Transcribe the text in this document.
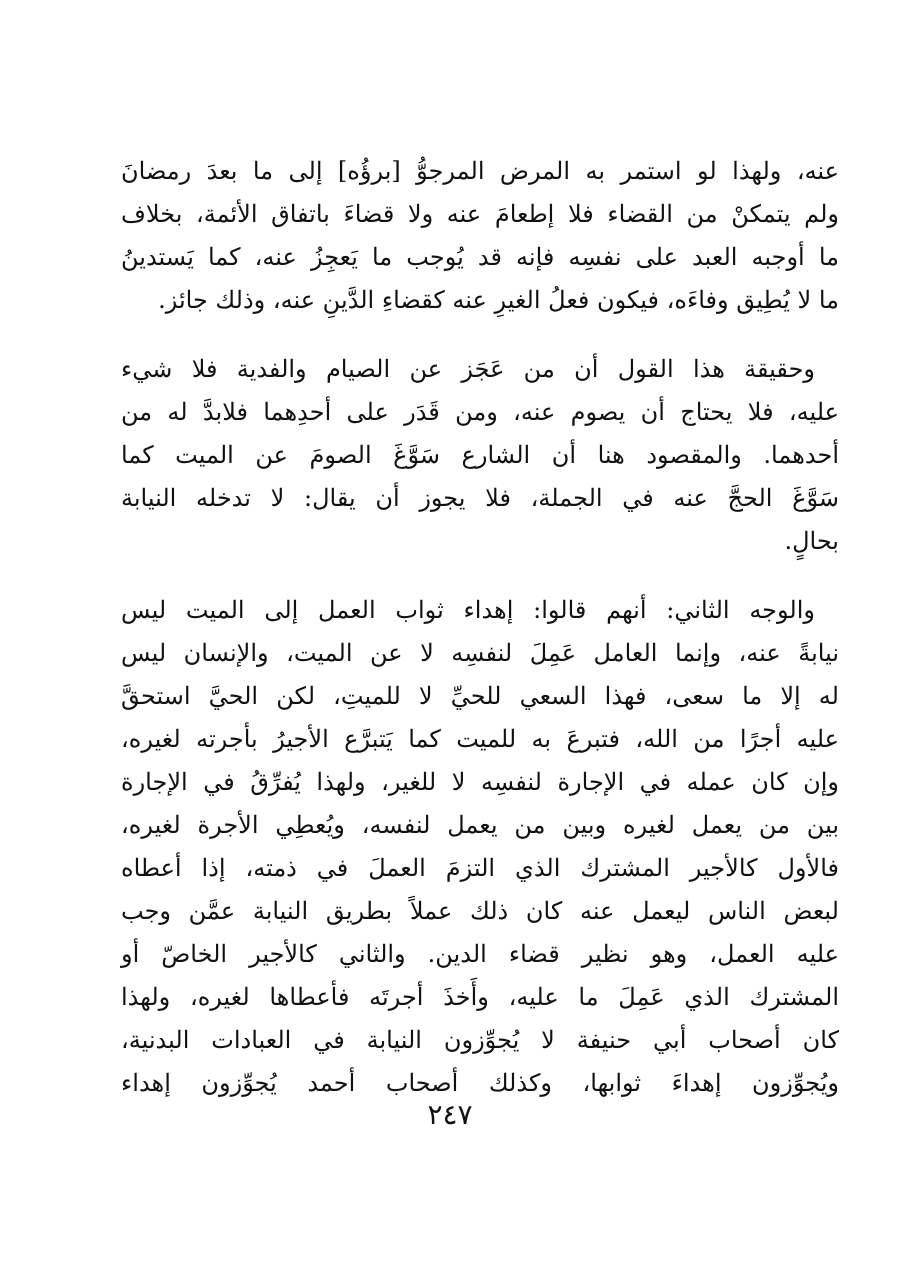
عنه، ولهذا لو استمر به المرض المرجوُّ [برؤُه] إلى ما بعدَ رمضانَ
ولم يتمكنْ من القضاء فلا إطعامَ عنه ولا قضاءَ باتفاق الأئمة، بخلاف
ما أوجبه العبد على نفسِه فإنه قد يُوجب ما يَعجِزُ عنه، كما يَستدينُ
ما لا يُطِيق وفاءَه، فيكون فعلُ الغيرِ عنه كقضاءِ الدَّينِ عنه، وذلك جائز.

وحقيقة هذا القول أن من عَجَز عن الصيام والفدية فلا شيء
عليه، فلا يحتاج أن يصوم عنه، ومن قَدَر على أحدِهما فلابدَّ له من
أحدهما. والمقصود هنا أن الشارع سَوَّغَ الصومَ عن الميت كما
سَوَّغَ الحجَّ عنه في الجملة، فلا يجوز أن يقال: لا تدخله النيابة
بحالٍ.

والوجه الثاني: أنهم قالوا: إهداء ثواب العمل إلى الميت ليس
نيابةً عنه، وإنما العامل عَمِلَ لنفسِه لا عن الميت، والإنسان ليس
له إلا ما سعى، فهذا السعي للحيِّ لا للميتِ، لكن الحيَّ استحقَّ
عليه أجرًا من الله، فتبرعَ به للميت كما يَتبرَّع الأجيرُ بأجرته لغيره،
وإن كان عمله في الإجارة لنفسِه لا للغير، ولهذا يُفرِّقُ في الإجارة
بين من يعمل لغيره وبين من يعمل لنفسه، ويُعطِي الأجرة لغيره،
فالأول كالأجير المشترك الذي التزمَ العملَ في ذمته، إذا أعطاه
لبعض الناس ليعمل عنه كان ذلك عملاً بطريق النيابة عمَّن وجب
عليه العمل، وهو نظير قضاء الدين. والثاني كالأجير الخاصّ أو
المشترك الذي عَمِلَ ما عليه، وأَخذَ أجرتَه فأعطاها لغيره، ولهذا
كان أصحاب أبي حنيفة لا يُجوِّزون النيابة في العبادات البدنية،
ويُجوِّزون إهداءَ ثوابها، وكذلك أصحاب أحمد يُجوِّزون إهداء

٢٤٧
